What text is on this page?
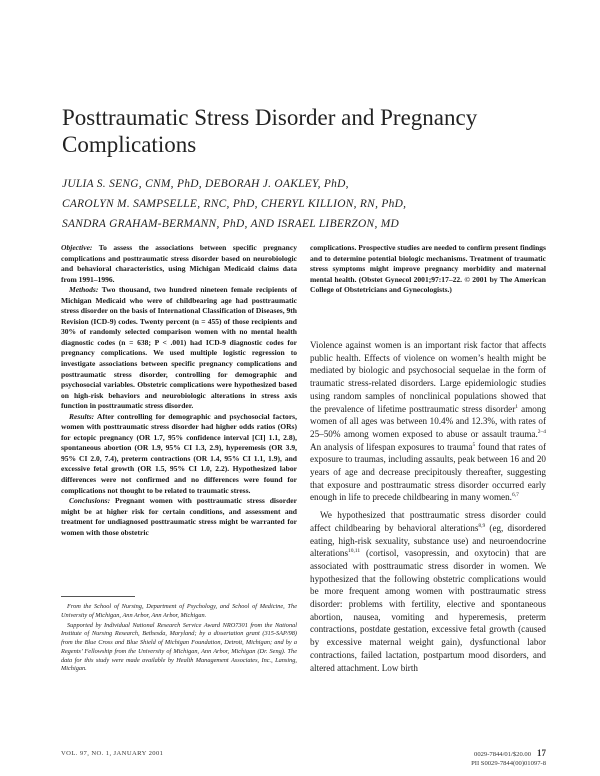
Posttraumatic Stress Disorder and Pregnancy Complications
JULIA S. SENG, CNM, PhD, DEBORAH J. OAKLEY, PhD,
CAROLYN M. SAMPSELLE, RNC, PhD, CHERYL KILLION, RN, PhD,
SANDRA GRAHAM-BERMANN, PhD, AND ISRAEL LIBERZON, MD

Objective: To assess the associations between specific pregnancy complications and posttraumatic stress disorder based on neurobiologic and behavioral characteristics, using Michigan Medicaid claims data from 1991–1996.

Methods: Two thousand, two hundred nineteen female recipients of Michigan Medicaid who were of childbearing age had posttraumatic stress disorder on the basis of International Classification of Diseases, 9th Revision (ICD-9) codes. Twenty percent (n = 455) of those recipients and 30% of randomly selected comparison women with no mental health diagnostic codes (n = 638; P < .001) had ICD-9 diagnostic codes for pregnancy complications. We used multiple logistic regression to investigate associations between specific pregnancy complications and posttraumatic stress disorder, controlling for demographic and psychosocial variables. Obstetric complications were hypothesized based on high-risk behaviors and neurobiologic alterations in stress axis function in posttraumatic stress disorder.

Results: After controlling for demographic and psychosocial factors, women with posttraumatic stress disorder had higher odds ratios (ORs) for ectopic pregnancy (OR 1.7, 95% confidence interval [CI] 1.1, 2.8), spontaneous abortion (OR 1.9, 95% CI 1.3, 2.9), hyperemesis (OR 3.9, 95% CI 2.0, 7.4), preterm contractions (OR 1.4, 95% CI 1.1, 1.9), and excessive fetal growth (OR 1.5, 95% CI 1.0, 2.2). Hypothesized labor differences were not confirmed and no differences were found for complications not thought to be related to traumatic stress.

Conclusions: Pregnant women with posttraumatic stress disorder might be at higher risk for certain conditions, and assessment and treatment for undiagnosed posttraumatic stress might be warranted for women with those obstetric

complications. Prospective studies are needed to confirm present findings and to determine potential biologic mechanisms. Treatment of traumatic stress symptoms might improve pregnancy morbidity and maternal mental health. (Obstet Gynecol 2001;97:17–22. © 2001 by The American College of Obstetricians and Gynecologists.)

Violence against women is an important risk factor that affects public health. Effects of violence on women’s health might be mediated by biologic and psychosocial sequelae in the form of traumatic stress-related disorders. Large epidemiologic studies using random samples of nonclinical populations showed that the prevalence of lifetime posttraumatic stress disorder$^1$ among women of all ages was between 10.4% and 12.3%, with rates of 25–50% among women exposed to abuse or assault trauma.$^{2-4}$ An analysis of lifespan exposures to trauma$^5$ found that rates of exposure to traumas, including assaults, peak between 16 and 20 years of age and decrease precipitously thereafter, suggesting that exposure and posttraumatic stress disorder occurred early enough in life to precede childbearing in many women.$^{6,7}$

We hypothesized that posttraumatic stress disorder could affect childbearing by behavioral alterations$^{8,9}$ (eg, disordered eating, high-risk sexuality, substance use) and neuroendocrine alterations$^{10,11}$ (cortisol, vasopressin, and oxytocin) that are associated with posttraumatic stress disorder in women. We hypothesized that the following obstetric complications would be more frequent among women with posttraumatic stress disorder: problems with fertility, elective and spontaneous abortion, nausea, vomiting and hyperemesis, preterm contractions, postdate gestation, excessive fetal growth (caused by excessive maternal weight gain), dysfunctional labor contractions, failed lactation, postpartum mood disorders, and altered attachment. Low birth

From the School of Nursing, Department of Psychology, and School of Medicine, The University of Michigan, Ann Arbor, Ann Arbor, Michigan.

Supported by Individual National Research Service Award NRO7301 from the National Institute of Nursing Research, Bethesda, Maryland; by a dissertation grant (315-SAP/98) from the Blue Cross and Blue Shield of Michigan Foundation, Detroit, Michigan; and by a Regents’ Fellowship from the University of Michigan, Ann Arbor, Michigan (Dr. Seng). The data for this study were made available by Health Management Associates, Inc., Lansing, Michigan.

VOL. 97, NO. 1, JANUARY 2001	0029-7844/01/$20.00 17
PII S0029-7844(00)01097-8
